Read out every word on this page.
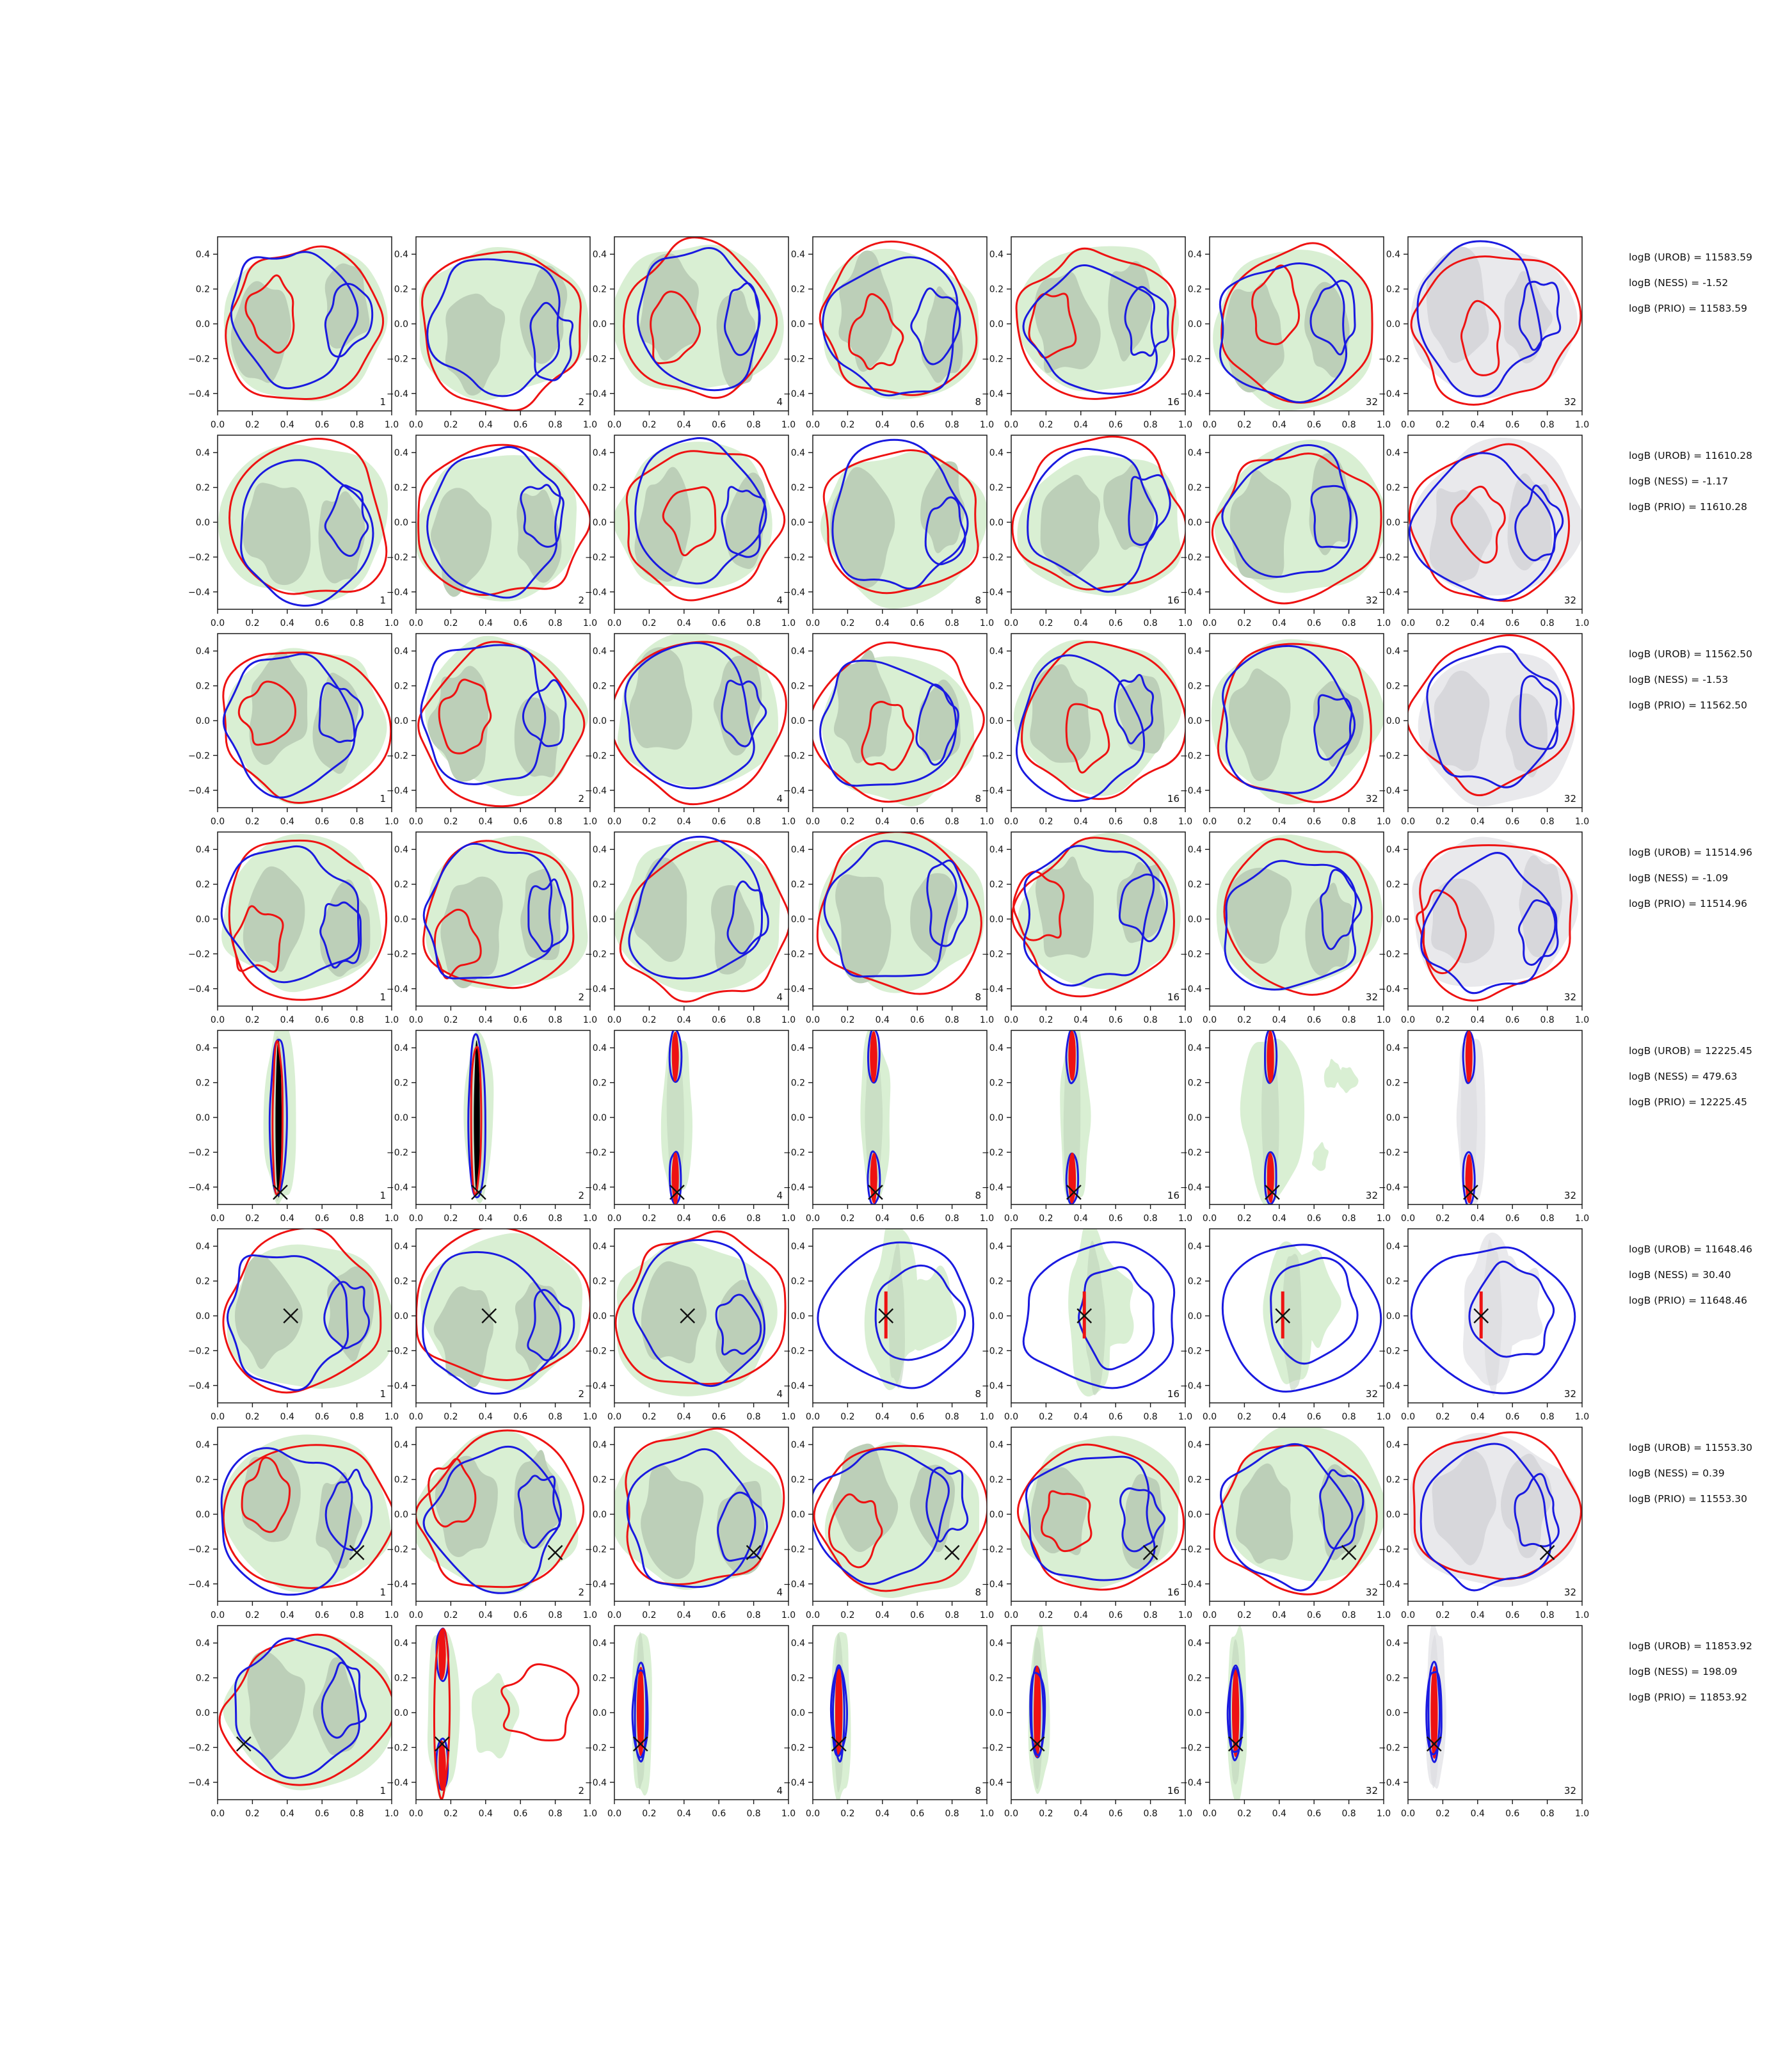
0.0 0.2 0.4 0.6 0.8 1.0
0.4
0.2
0.0
−0.2
−0.4
1
0.0 0.2 0.4 0.6 0.8 1.0
0.4
0.2
0.0
−0.2
−0.4
2
0.0 0.2 0.4 0.6 0.8 1.0
0.4
0.2
0.0
−0.2
−0.4
4
0.0 0.2 0.4 0.6 0.8 1.0
0.4
0.2
0.0
−0.2
−0.4
8
0.0 0.2 0.4 0.6 0.8 1.0
0.4
0.2
0.0
−0.2
−0.4
16
0.0 0.2 0.4 0.6 0.8 1.0
0.4
0.2
0.0
−0.2
−0.4
32
0.0 0.2 0.4 0.6 0.8 1.0
0.4
0.2
0.0
−0.2
−0.4
32
0.0 0.2 0.4 0.6 0.8 1.0
0.4
0.2
0.0
−0.2
−0.4
1
0.0 0.2 0.4 0.6 0.8 1.0
0.4
0.2
0.0
−0.2
−0.4
2
0.0 0.2 0.4 0.6 0.8 1.0
0.4
0.2
0.0
−0.2
−0.4
4
0.0 0.2 0.4 0.6 0.8 1.0
0.4
0.2
0.0
−0.2
−0.4
8
0.0 0.2 0.4 0.6 0.8 1.0
0.4
0.2
0.0
−0.2
−0.4
16
0.0 0.2 0.4 0.6 0.8 1.0
0.4
0.2
0.0
−0.2
−0.4
32
0.0 0.2 0.4 0.6 0.8 1.0
0.4
0.2
0.0
−0.2
−0.4
32
0.0 0.2 0.4 0.6 0.8 1.0
0.4
0.2
0.0
−0.2
−0.4
1
0.0 0.2 0.4 0.6 0.8 1.0
0.4
0.2
0.0
−0.2
−0.4
2
0.0 0.2 0.4 0.6 0.8 1.0
0.4
0.2
0.0
−0.2
−0.4
4
0.0 0.2 0.4 0.6 0.8 1.0
0.4
0.2
0.0
−0.2
−0.4
8
0.0 0.2 0.4 0.6 0.8 1.0
0.4
0.2
0.0
−0.2
−0.4
16
0.0 0.2 0.4 0.6 0.8 1.0
0.4
0.2
0.0
−0.2
−0.4
32
0.0 0.2 0.4 0.6 0.8 1.0
0.4
0.2
0.0
−0.2
−0.4
32
0.0 0.2 0.4 0.6 0.8 1.0
0.4
0.2
0.0
−0.2
−0.4
1
0.0 0.2 0.4 0.6 0.8 1.0
0.4
0.2
0.0
−0.2
−0.4
2
0.0 0.2 0.4 0.6 0.8 1.0
0.4
0.2
0.0
−0.2
−0.4
4
0.0 0.2 0.4 0.6 0.8 1.0
0.4
0.2
0.0
−0.2
−0.4
8
0.0 0.2 0.4 0.6 0.8 1.0
0.4
0.2
0.0
−0.2
−0.4
16
0.0 0.2 0.4 0.6 0.8 1.0
0.4
0.2
0.0
−0.2
−0.4
32
0.0 0.2 0.4 0.6 0.8 1.0
0.4
0.2
0.0
−0.2
−0.4
32
0.0 0.2 0.4 0.6 0.8 1.0
0.4
0.2
0.0
−0.2
−0.4
1
0.0 0.2 0.4 0.6 0.8 1.0
0.4
0.2
0.0
−0.2
−0.4
2
0.0 0.2 0.4 0.6 0.8 1.0
0.4
0.2
0.0
−0.2
−0.4
4
0.0 0.2 0.4 0.6 0.8 1.0
0.4
0.2
0.0
−0.2
−0.4
8
0.0 0.2 0.4 0.6 0.8 1.0
0.4
0.2
0.0
−0.2
−0.4
16
0.0 0.2 0.4 0.6 0.8 1.0
0.4
0.2
0.0
−0.2
−0.4
32
0.0 0.2 0.4 0.6 0.8 1.0
0.4
0.2
0.0
−0.2
−0.4
32
0.0 0.2 0.4 0.6 0.8 1.0
0.4
0.2
0.0
−0.2
−0.4
1
0.0 0.2 0.4 0.6 0.8 1.0
0.4
0.2
0.0
−0.2
−0.4
2
0.0 0.2 0.4 0.6 0.8 1.0
0.4
0.2
0.0
−0.2
−0.4
4
0.0 0.2 0.4 0.6 0.8 1.0
0.4
0.2
0.0
−0.2
−0.4
8
0.0 0.2 0.4 0.6 0.8 1.0
0.4
0.2
0.0
−0.2
−0.4
16
0.0 0.2 0.4 0.6 0.8 1.0
0.4
0.2
0.0
−0.2
−0.4
32
0.0 0.2 0.4 0.6 0.8 1.0
0.4
0.2
0.0
−0.2
−0.4
32
0.0 0.2 0.4 0.6 0.8 1.0
0.4
0.2
0.0
−0.2
−0.4
1
0.0 0.2 0.4 0.6 0.8 1.0
0.4
0.2
0.0
−0.2
−0.4
2
0.0 0.2 0.4 0.6 0.8 1.0
0.4
0.2
0.0
−0.2
−0.4
4
0.0 0.2 0.4 0.6 0.8 1.0
0.4
0.2
0.0
−0.2
−0.4
8
0.0 0.2 0.4 0.6 0.8 1.0
0.4
0.2
0.0
−0.2
−0.4
16
0.0 0.2 0.4 0.6 0.8 1.0
0.4
0.2
0.0
−0.2
−0.4
32
0.0 0.2 0.4 0.6 0.8 1.0
0.4
0.2
0.0
−0.2
−0.4
32
0.0 0.2 0.4 0.6 0.8 1.0
0.4
0.2
0.0
−0.2
−0.4
1
0.0 0.2 0.4 0.6 0.8 1.0
0.4
0.2
0.0
−0.2
−0.4
2
0.0 0.2 0.4 0.6 0.8 1.0
0.4
0.2
0.0
−0.2
−0.4
4
0.0 0.2 0.4 0.6 0.8 1.0
0.4
0.2
0.0
−0.2
−0.4
8
0.0 0.2 0.4 0.6 0.8 1.0
0.4
0.2
0.0
−0.2
−0.4
16
0.0 0.2 0.4 0.6 0.8 1.0
0.4
0.2
0.0
−0.2
−0.4
32
0.0 0.2 0.4 0.6 0.8 1.0
0.4
0.2
0.0
−0.2
−0.4
32
logB (UROB) = 11583.59
logB (NESS) = -1.52
logB (PRIO) = 11583.59
logB (UROB) = 11610.28
logB (NESS) = -1.17
logB (PRIO) = 11610.28
logB (UROB) = 11562.50
logB (NESS) = -1.53
logB (PRIO) = 11562.50
logB (UROB) = 11514.96
logB (NESS) = -1.09
logB (PRIO) = 11514.96
logB (UROB) = 12225.45
logB (NESS) = 479.63
logB (PRIO) = 12225.45
logB (UROB) = 11648.46
logB (NESS) = 30.40
logB (PRIO) = 11648.46
logB (UROB) = 11553.30
logB (NESS) = 0.39
logB (PRIO) = 11553.30
logB (UROB) = 11853.92
logB (NESS) = 198.09
logB (PRIO) = 11853.92
